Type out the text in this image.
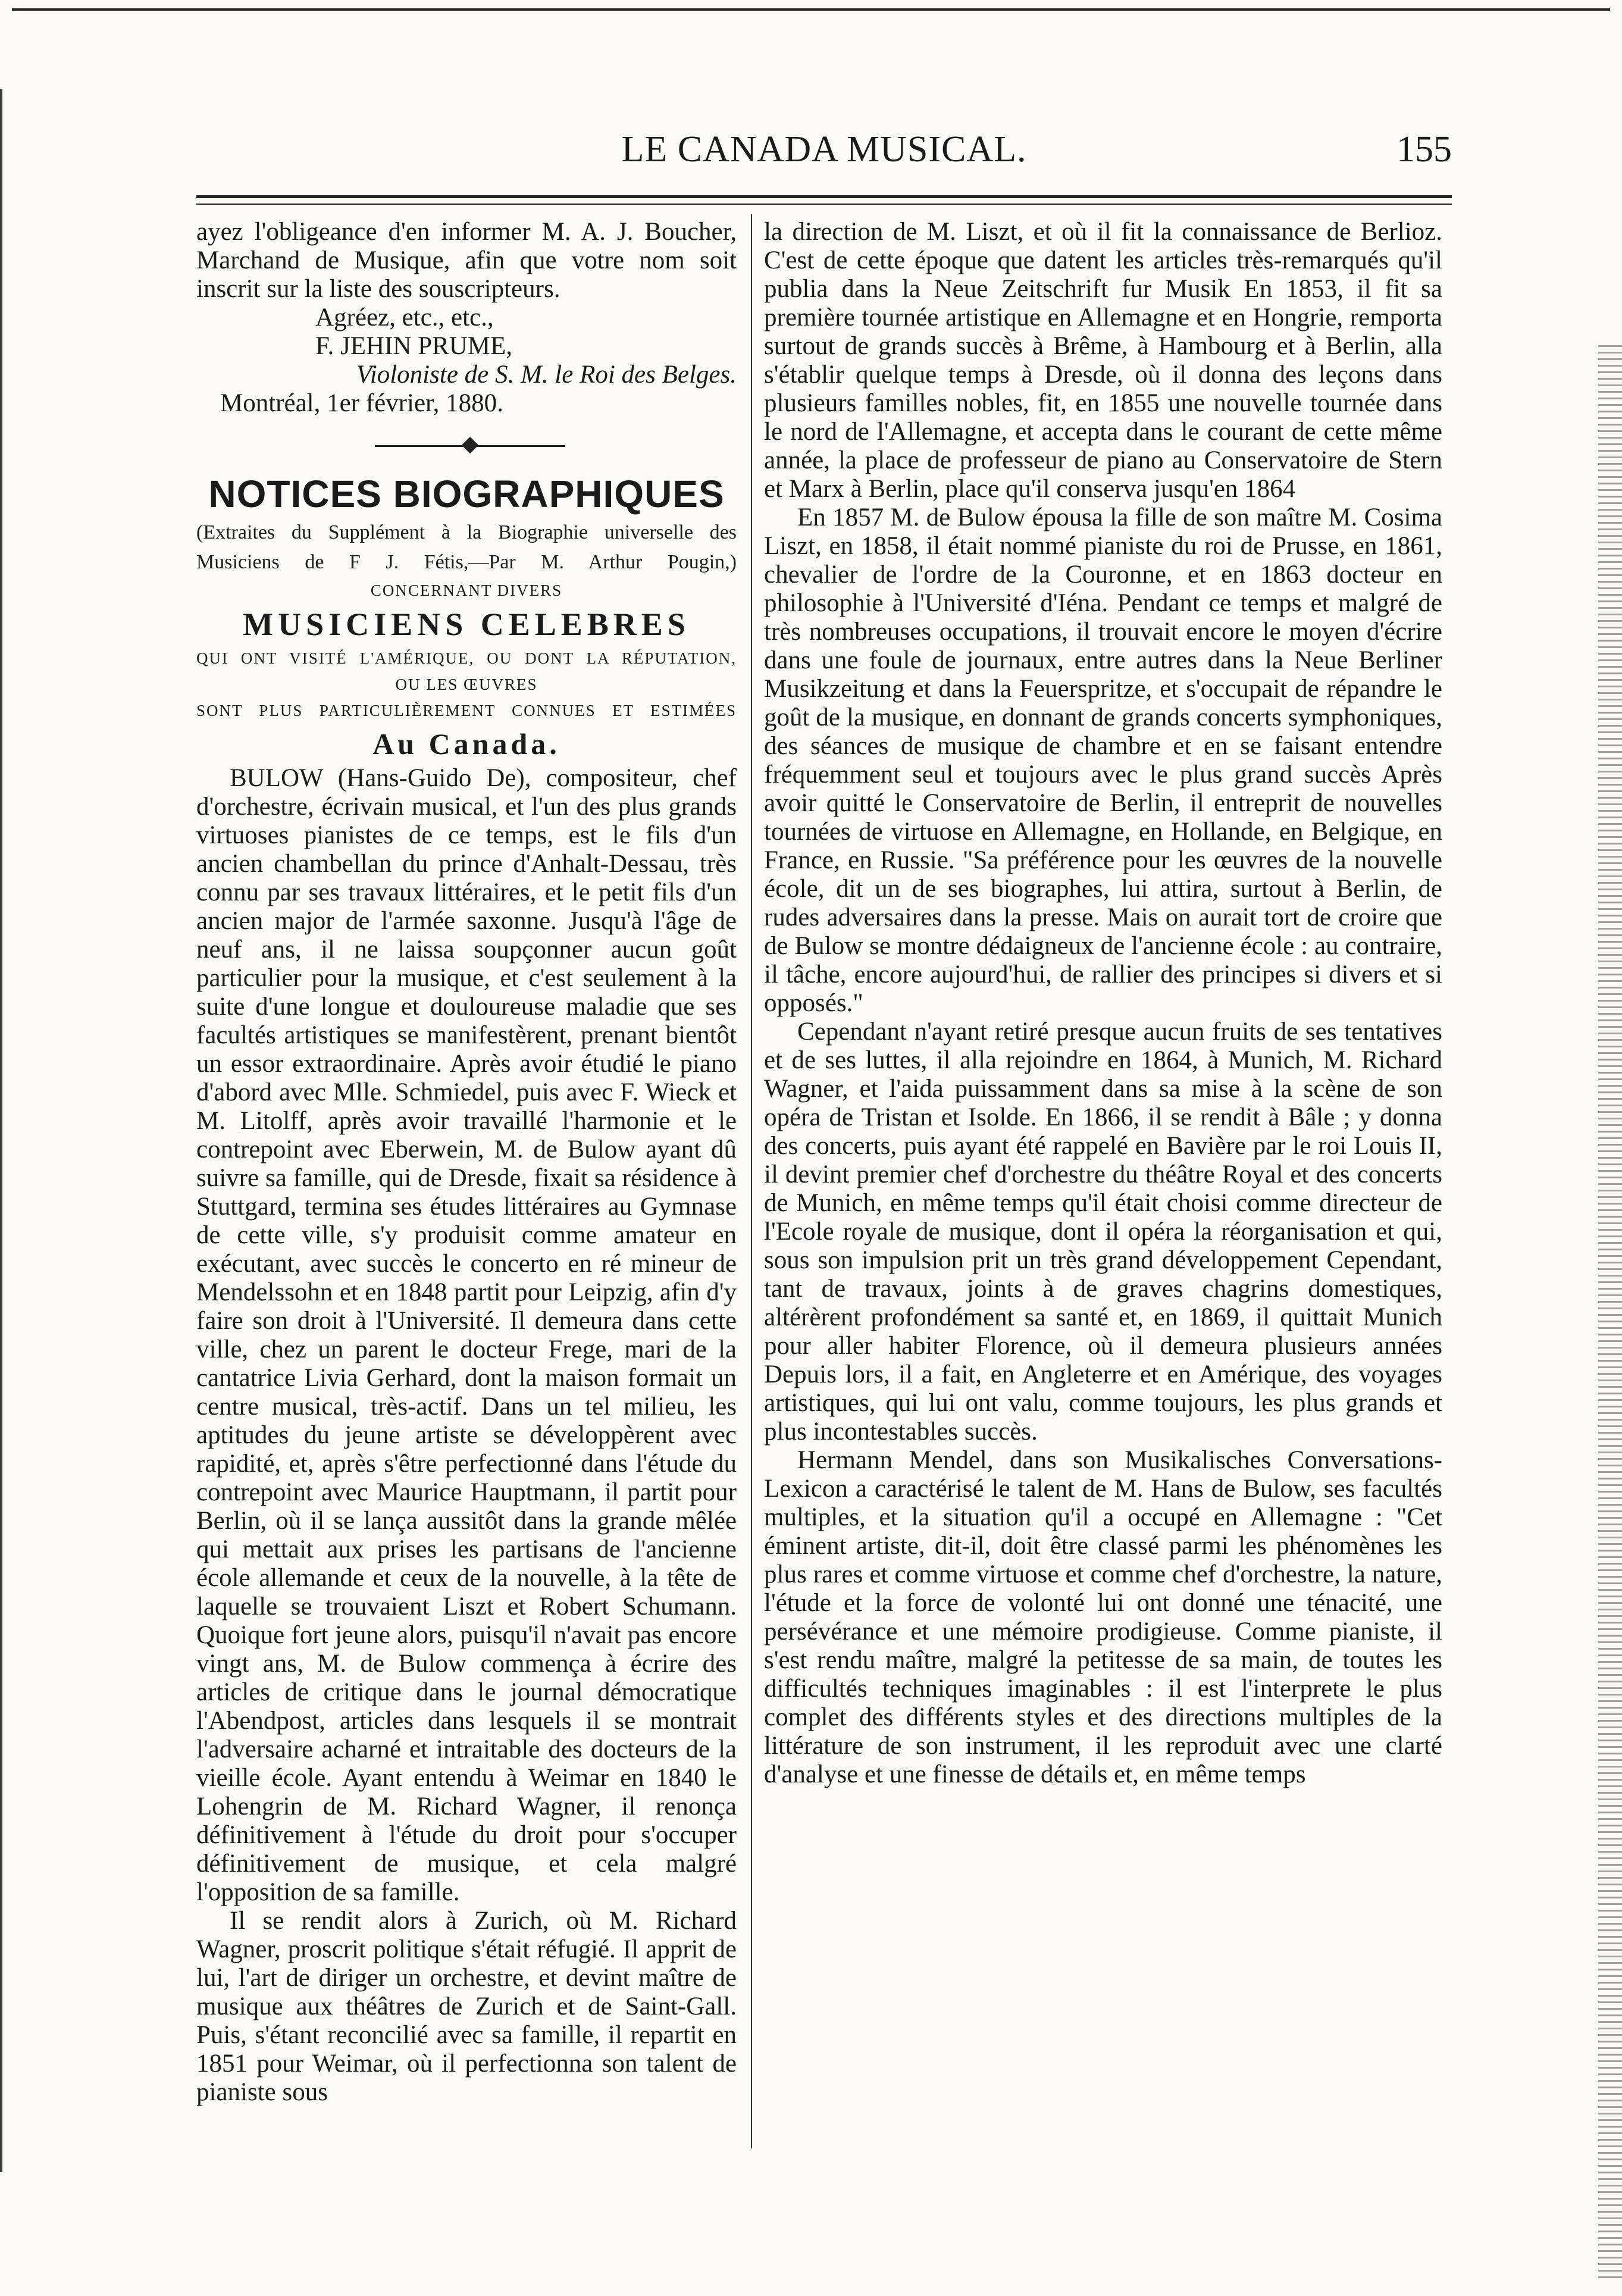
LE CANADA MUSICAL.	155

ayez l'obligeance d'en informer M. A. J. Boucher, Marchand de Musique, afin que votre nom soit inscrit sur la liste des souscripteurs.

Agréez, etc., etc.,

F. JEHIN PRUME,

Violoniste de S. M. le Roi des Belges.

Montréal, 1er février, 1880.

NOTICES BIOGRAPHIQUES

(Extraites du Supplément à la Biographie universelle des Musiciens de F J. Fétis,—Par M. Arthur Pougin,)

CONCERNANT DIVERS

MUSICIENS CELEBRES

QUI ONT VISITÉ L'AMÉRIQUE, OU DONT LA RÉPUTATION,

OU LES ŒUVRES

SONT PLUS PARTICULIÈREMENT CONNUES ET ESTIMÉES

Au Canada.

BULOW (Hans-Guido De), compositeur, chef d'orchestre, écrivain musical, et l'un des plus grands virtuoses pianistes de ce temps, est le fils d'un ancien chambellan du prince d'Anhalt-Dessau, très connu par ses travaux littéraires, et le petit fils d'un ancien major de l'armée saxonne. Jusqu'à l'âge de neuf ans, il ne laissa soupçonner aucun goût particulier pour la musique, et c'est seulement à la suite d'une longue et douloureuse maladie que ses facultés artistiques se manifestèrent, prenant bientôt un essor extraordinaire. Après avoir étudié le piano d'abord avec Mlle. Schmiedel, puis avec F. Wieck et M. Litolff, après avoir travaillé l'harmonie et le contrepoint avec Eberwein, M. de Bulow ayant dû suivre sa famille, qui de Dresde, fixait sa résidence à Stuttgard, termina ses études littéraires au Gymnase de cette ville, s'y produisit comme amateur en exécutant, avec succès le concerto en ré mineur de Mendelssohn et en 1848 partit pour Leipzig, afin d'y faire son droit à l'Université. Il demeura dans cette ville, chez un parent le docteur Frege, mari de la cantatrice Livia Gerhard, dont la maison formait un centre musical, très-actif. Dans un tel milieu, les aptitudes du jeune artiste se développèrent avec rapidité, et, après s'être perfectionné dans l'étude du contrepoint avec Maurice Hauptmann, il partit pour Berlin, où il se lança aussitôt dans la grande mêlée qui mettait aux prises les partisans de l'ancienne école allemande et ceux de la nouvelle, à la tête de laquelle se trouvaient Liszt et Robert Schumann. Quoique fort jeune alors, puisqu'il n'avait pas encore vingt ans, M. de Bulow commença à écrire des articles de critique dans le journal démocratique l'Abendpost, articles dans lesquels il se montrait l'adversaire acharné et intraitable des docteurs de la vieille école. Ayant entendu à Weimar en 1840 le Lohengrin de M. Richard Wagner, il renonça définitivement à l'étude du droit pour s'occuper définitivement de musique, et cela malgré l'opposition de sa famille.

Il se rendit alors à Zurich, où M. Richard Wagner, proscrit politique s'était réfugié. Il apprit de lui, l'art de diriger un orchestre, et devint maître de musique aux théâtres de Zurich et de Saint-Gall. Puis, s'étant reconcilié avec sa famille, il repartit en 1851 pour Weimar, où il perfectionna son talent de pianiste sous

la direction de M. Liszt, et où il fit la connaissance de Berlioz. C'est de cette époque que datent les articles très-remarqués qu'il publia dans la Neue Zeitschrift fur Musik En 1853, il fit sa première tournée artistique en Allemagne et en Hongrie, remporta surtout de grands succès à Brême, à Hambourg et à Berlin, alla s'établir quelque temps à Dresde, où il donna des leçons dans plusieurs familles nobles, fit, en 1855 une nouvelle tournée dans le nord de l'Allemagne, et accepta dans le courant de cette même année, la place de professeur de piano au Conservatoire de Stern et Marx à Berlin, place qu'il conserva jusqu'en 1864

En 1857 M. de Bulow épousa la fille de son maître M. Cosima Liszt, en 1858, il était nommé pianiste du roi de Prusse, en 1861, chevalier de l'ordre de la Couronne, et en 1863 docteur en philosophie à l'Université d'Iéna. Pendant ce temps et malgré de très nombreuses occupations, il trouvait encore le moyen d'écrire dans une foule de journaux, entre autres dans la Neue Berliner Musikzeitung et dans la Feuerspritze, et s'occupait de répandre le goût de la musique, en donnant de grands concerts symphoniques, des séances de musique de chambre et en se faisant entendre fréquemment seul et toujours avec le plus grand succès Après avoir quitté le Conservatoire de Berlin, il entreprit de nouvelles tournées de virtuose en Allemagne, en Hollande, en Belgique, en France, en Russie. "Sa préférence pour les œuvres de la nouvelle école, dit un de ses biographes, lui attira, surtout à Berlin, de rudes adversaires dans la presse. Mais on aurait tort de croire que de Bulow se montre dédaigneux de l'ancienne école : au contraire, il tâche, encore aujourd'hui, de rallier des principes si divers et si opposés."

Cependant n'ayant retiré presque aucun fruits de ses tentatives et de ses luttes, il alla rejoindre en 1864, à Munich, M. Richard Wagner, et l'aida puissamment dans sa mise à la scène de son opéra de Tristan et Isolde. En 1866, il se rendit à Bâle ; y donna des concerts, puis ayant été rappelé en Bavière par le roi Louis II, il devint premier chef d'orchestre du théâtre Royal et des concerts de Munich, en même temps qu'il était choisi comme directeur de l'Ecole royale de musique, dont il opéra la réorganisation et qui, sous son impulsion prit un très grand développement Cependant, tant de travaux, joints à de graves chagrins domestiques, altérèrent profondément sa santé et, en 1869, il quittait Munich pour aller habiter Florence, où il demeura plusieurs années Depuis lors, il a fait, en Angleterre et en Amérique, des voyages artistiques, qui lui ont valu, comme toujours, les plus grands et plus incontestables succès.

Hermann Mendel, dans son Musikalisches Conversations-Lexicon a caractérisé le talent de M. Hans de Bulow, ses facultés multiples, et la situation qu'il a occupé en Allemagne : "Cet éminent artiste, dit-il, doit être classé parmi les phénomènes les plus rares et comme virtuose et comme chef d'orchestre, la nature, l'étude et la force de volonté lui ont donné une ténacité, une persévérance et une mémoire prodigieuse. Comme pianiste, il s'est rendu maître, malgré la petitesse de sa main, de toutes les difficultés techniques imaginables : il est l'interprete le plus complet des différents styles et des directions multiples de la littérature de son instrument, il les reproduit avec une clarté d'analyse et une finesse de détails et, en même temps
